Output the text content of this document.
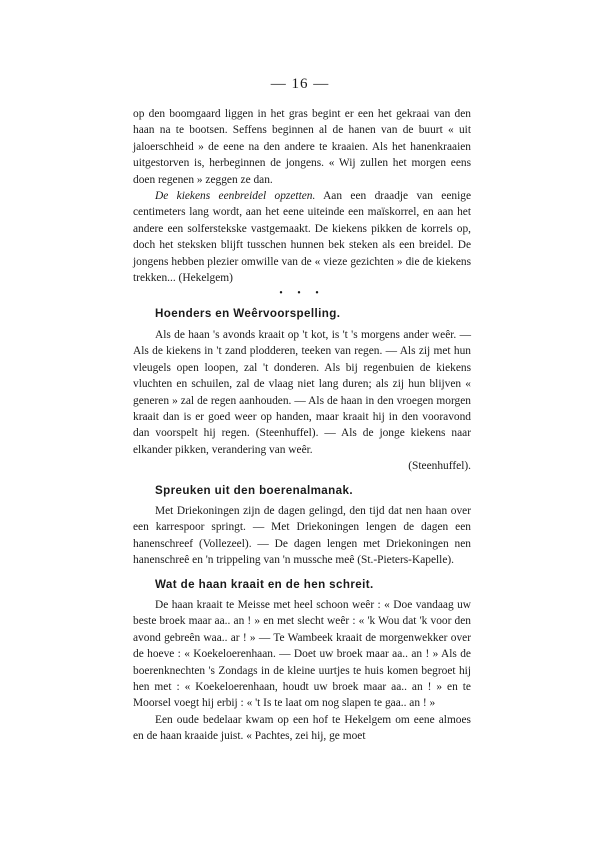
— 16 —

op den boomgaard liggen in het gras begint er een het gekraai van den haan na te bootsen. Seffens beginnen al de hanen van de buurt « uit jaloerschheid » de eene na den andere te kraaien. Als het hanenkraaien uitgestorven is, herbeginnen de jongens. « Wij zullen het morgen eens doen regenen » zeggen ze dan.

De kiekens eenbreidel opzetten. Aan een draadje van eenige centimeters lang wordt, aan het eene uiteinde een maïskorrel, en aan het andere een solferstekske vastgemaakt. De kiekens pikken de korrels op, doch het steksken blijft tusschen hunnen bek steken als een breidel. De jongens hebben plezier omwille van de « vieze gezichten » die de kiekens trekken... (Hekelgem)

• • •
Hoenders en Weêrvoorspelling.

Als de haan 's avonds kraait op 't kot, is 't 's morgens ander weêr. — Als de kiekens in 't zand plodderen, teeken van regen. — Als zij met hun vleugels open loopen, zal 't donderen. Als bij regenbuien de kiekens vluchten en schuilen, zal de vlaag niet lang duren; als zij hun blijven « generen » zal de regen aanhouden. — Als de haan in den vroegen morgen kraait dan is er goed weer op handen, maar kraait hij in den vooravond dan voorspelt hij regen. (Steenhuffel). — Als de jonge kiekens naar elkander pikken, verandering van weêr.

(Steenhuffel).

Spreuken uit den boerenalmanak.

Met Driekoningen zijn de dagen gelingd, den tijd dat nen haan over een karrespoor springt. — Met Driekoningen lengen de dagen een hanenschreef (Vollezeel). — De dagen lengen met Driekoningen nen hanenschreê en 'n trippeling van 'n mussche meê (St.-Pieters-Kapelle).

Wat de haan kraait en de hen schreit.

De haan kraait te Meisse met heel schoon weêr : « Doe vandaag uw beste broek maar aa.. an ! » en met slecht weêr : « 'k Wou dat 'k voor den avond gebreên waa.. ar ! » — Te Wambeek kraait de morgenwekker over de hoeve : « Koekeloerenhaan. — Doet uw broek maar aa.. an ! » Als de boerenknechten 's Zondags in de kleine uurtjes te huis komen begroet hij hen met : « Koekeloerenhaan, houdt uw broek maar aa.. an ! » en te Moorsel voegt hij erbij : « 't Is te laat om nog slapen te gaa.. an ! »

Een oude bedelaar kwam op een hof te Hekelgem om eene almoes en de haan kraaide juist. « Pachtes, zei hij, ge moet
